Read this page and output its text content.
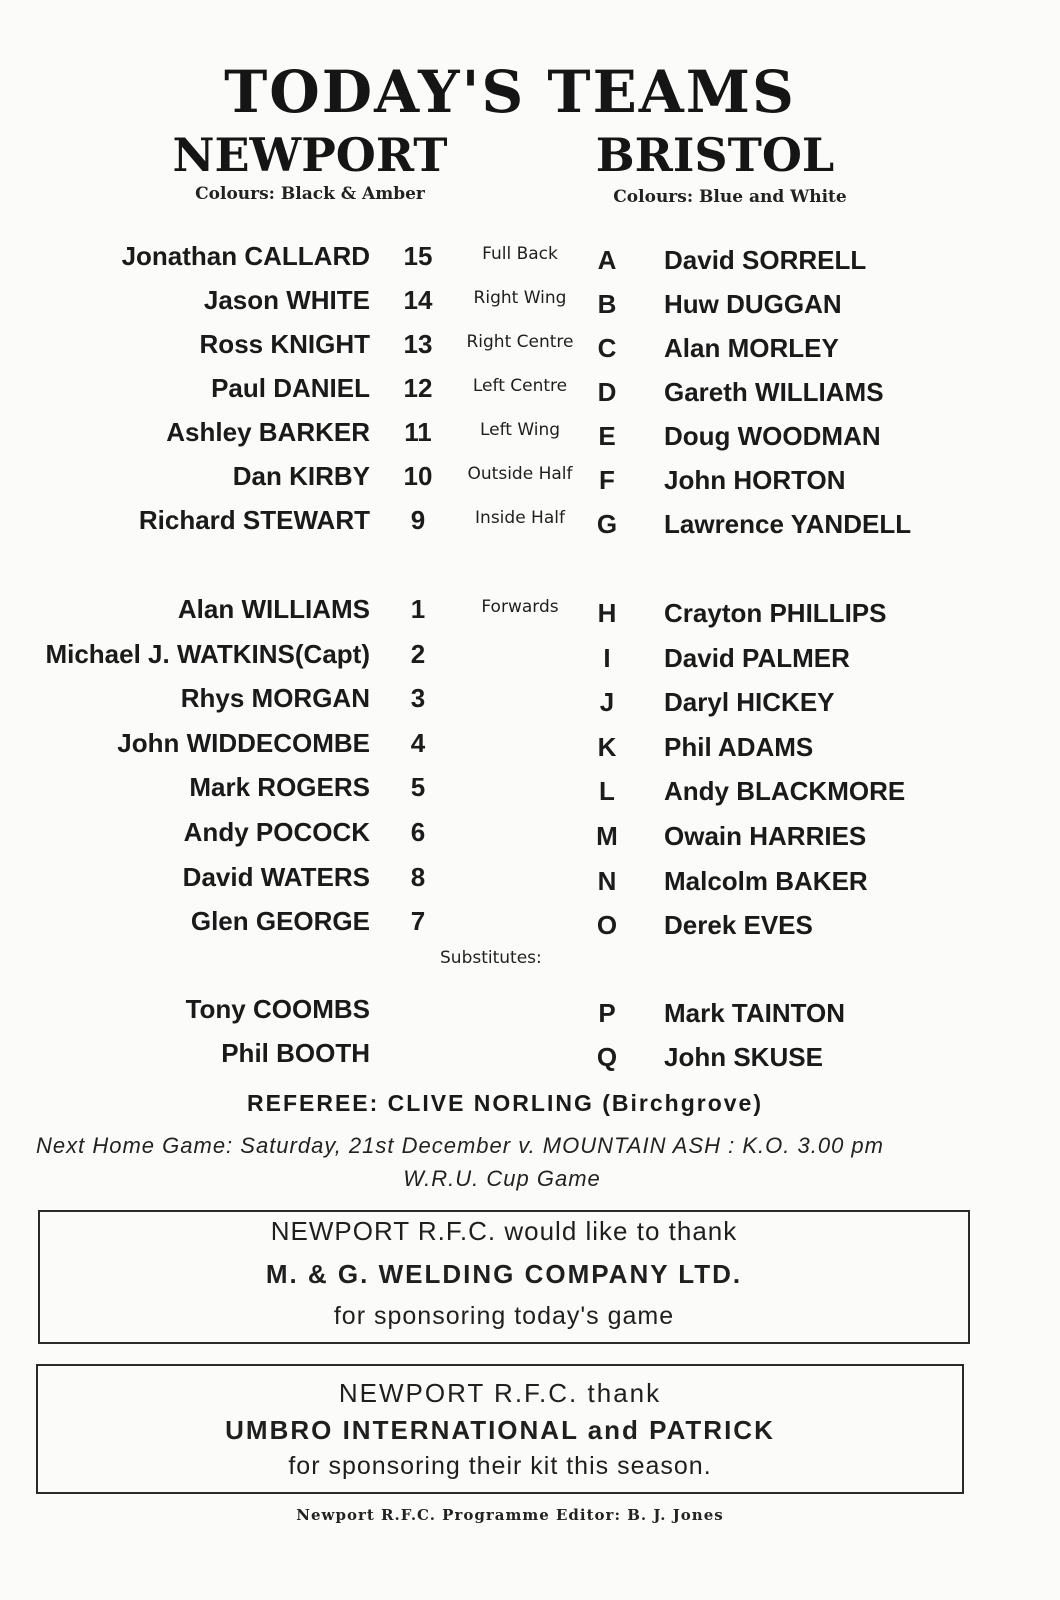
TODAY'S TEAMS
NEWPORT
Colours: Black & Amber
BRISTOL
Colours: Blue and White
Jonathan CALLARD 15	Full Back	A David SORRELL
Jason WHITE 14	Right Wing	B Huw DUGGAN
Ross KNIGHT 13	Right Centre C Alan MORLEY
Paul DANIEL 12	Left Centre	D Gareth WILLIAMS
Ashley BARKER 11	Left Wing	E Doug WOODMAN
Dan KIRBY 10	Outside Half	F John HORTON
Richard STEWART	9	Inside Half	G Lawrence YANDELL
Alan WILLIAMS	1	Forwards	H Crayton PHILLIPS
Michael J. WATKINS(Capt)	2	I	David PALMER
Rhys MORGAN	3	J Daryl HICKEY
John WIDDECOMBE	4	K Phil ADAMS
Mark ROGERS	5	L Andy BLACKMORE
Andy POCOCK	6	M Owain HARRIES
David WATERS	8	N Malcolm BAKER
Glen GEORGE	7	O Derek EVES
Tony COOMBS	P Mark TAINTON
Phil BOOTH	Q John SKUSE
Substitutes:
REFEREE: CLIVE NORLING (Birchgrove)
Next Home Game: Saturday, 21st December v. MOUNTAIN ASH : K.O. 3.00 pm
W.R.U. Cup Game
NEWPORT R.F.C. would like to thank
M. & G. WELDING COMPANY LTD.
for sponsoring today's game
NEWPORT R.F.C. thank
UMBRO INTERNATIONAL and PATRICK
for sponsoring their kit this season.
Newport R.F.C. Programme Editor: B. J. Jones
